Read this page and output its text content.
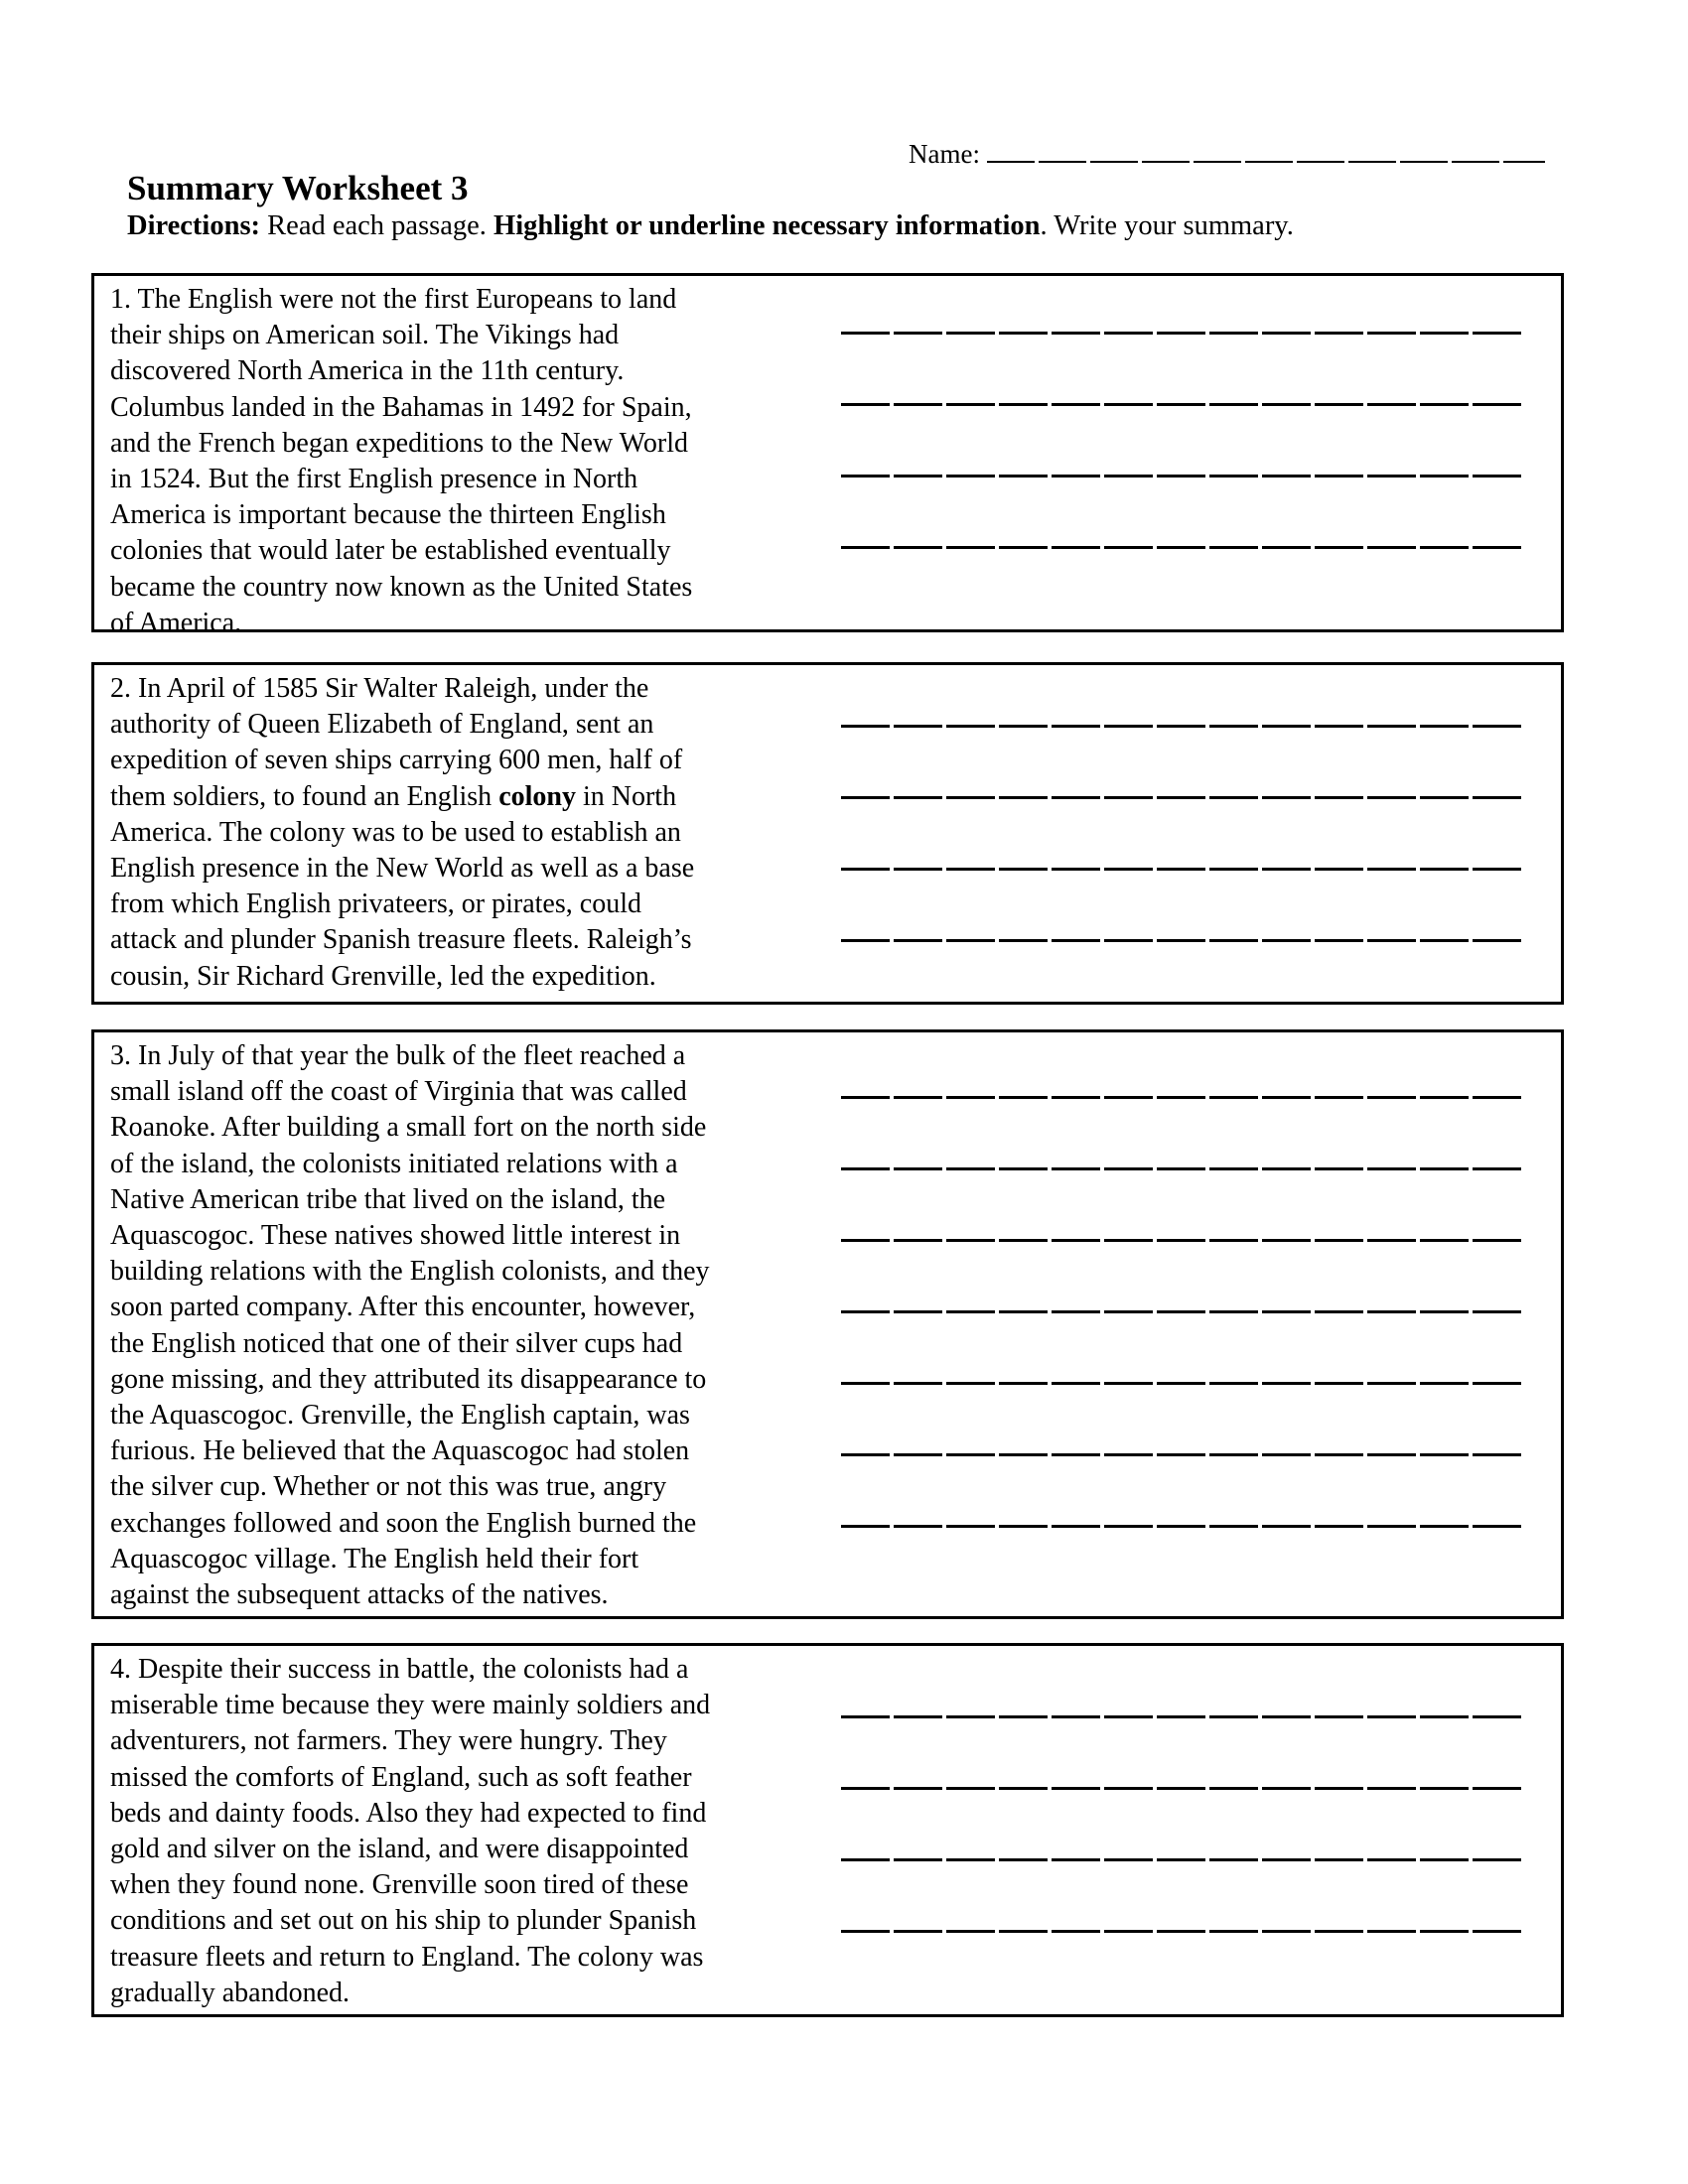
Name:
Summary Worksheet 3
Directions: Read each passage. Highlight or underline necessary information. Write your summary.
1. The English were not the first Europeans to land
their ships on American soil. The Vikings had
discovered North America in the 11th century.
Columbus landed in the Bahamas in 1492 for Spain,
and the French began expeditions to the New World
in 1524. But the first English presence in North
America is important because the thirteen English
colonies that would later be established eventually
became the country now known as the United States
of America.
2. In April of 1585 Sir Walter Raleigh, under the
authority of Queen Elizabeth of England, sent an
expedition of seven ships carrying 600 men, half of
them soldiers, to found an English colony in North
America. The colony was to be used to establish an
English presence in the New World as well as a base
from which English privateers, or pirates, could
attack and plunder Spanish treasure fleets. Raleigh’s
cousin, Sir Richard Grenville, led the expedition.
3. In July of that year the bulk of the fleet reached a
small island off the coast of Virginia that was called
Roanoke. After building a small fort on the north side
of the island, the colonists initiated relations with a
Native American tribe that lived on the island, the
Aquascogoc. These natives showed little interest in
building relations with the English colonists, and they
soon parted company. After this encounter, however,
the English noticed that one of their silver cups had
gone missing, and they attributed its disappearance to
the Aquascogoc. Grenville, the English captain, was
furious. He believed that the Aquascogoc had stolen
the silver cup. Whether or not this was true, angry
exchanges followed and soon the English burned the
Aquascogoc village. The English held their fort
against the subsequent attacks of the natives.
4. Despite their success in battle, the colonists had a
miserable time because they were mainly soldiers and
adventurers, not farmers. They were hungry. They
missed the comforts of England, such as soft feather
beds and dainty foods. Also they had expected to find
gold and silver on the island, and were disappointed
when they found none. Grenville soon tired of these
conditions and set out on his ship to plunder Spanish
treasure fleets and return to England. The colony was
gradually abandoned.
